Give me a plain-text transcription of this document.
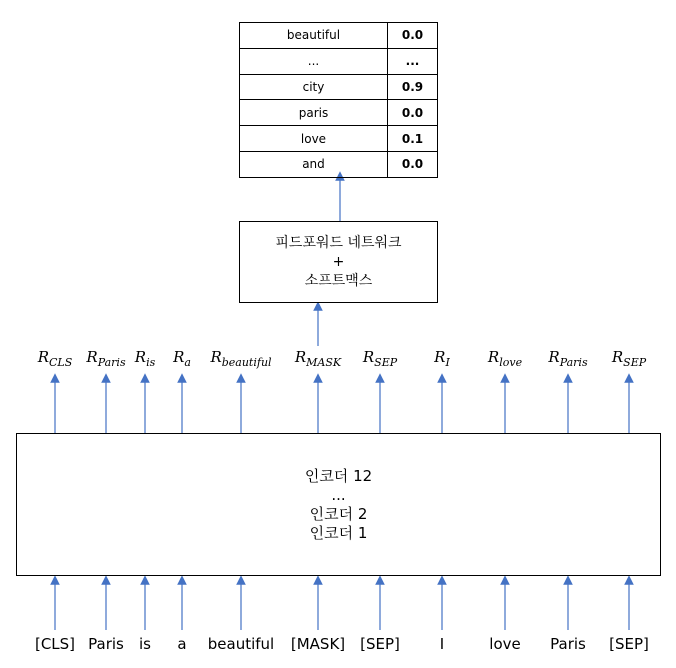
beautiful	0.0
...	...
city	0.9
paris	0.0
love	0.1
and	0.0
피드포워드 네트워크
+
소프트맥스
$R_{CLS}$ $R_{Paris}$ $R_{is}$ $R_a$ $R_{beautiful}$ $R_{MASK}$ $R_{SEP}$ $R_I$	$R_{love}$ $R_{Paris}$ $R_{SEP}$
인코더 12
...
인코더 2
인코더 1
[CLS] Paris is a beautiful [MASK] [SEP]	I	love Paris [SEP]
